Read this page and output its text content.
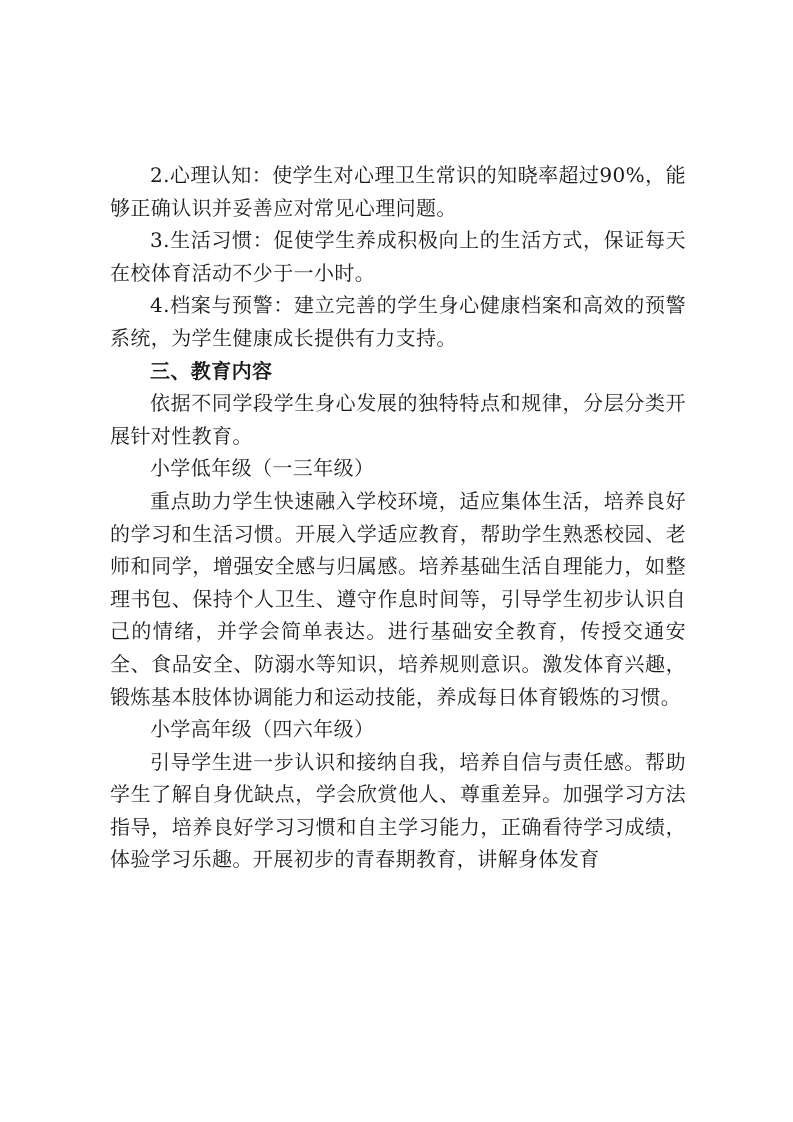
2.心理认知：使学生对心理卫生常识的知晓率超过90%，能够正确认识并妥善应对常见心理问题。

3.生活习惯：促使学生养成积极向上的生活方式，保证每天在校体育活动不少于一小时。

4.档案与预警：建立完善的学生身心健康档案和高效的预警系统，为学生健康成长提供有力支持。

三、教育内容

依据不同学段学生身心发展的独特特点和规律，分层分类开展针对性教育。

小学低年级（一三年级）

重点助力学生快速融入学校环境，适应集体生活，培养良好的学习和生活习惯。开展入学适应教育，帮助学生熟悉校园、老师和同学，增强安全感与归属感。培养基础生活自理能力，如整理书包、保持个人卫生、遵守作息时间等，引导学生初步认识自己的情绪，并学会简单表达。进行基础安全教育，传授交通安全、食品安全、防溺水等知识，培养规则意识。激发体育兴趣，锻炼基本肢体协调能力和运动技能，养成每日体育锻炼的习惯。

小学高年级（四六年级）

引导学生进一步认识和接纳自我，培养自信与责任感。帮助学生了解自身优缺点，学会欣赏他人、尊重差异。加强学习方法指导，培养良好学习习惯和自主学习能力，正确看待学习成绩，体验学习乐趣。开展初步的青春期教育，讲解身体发育
